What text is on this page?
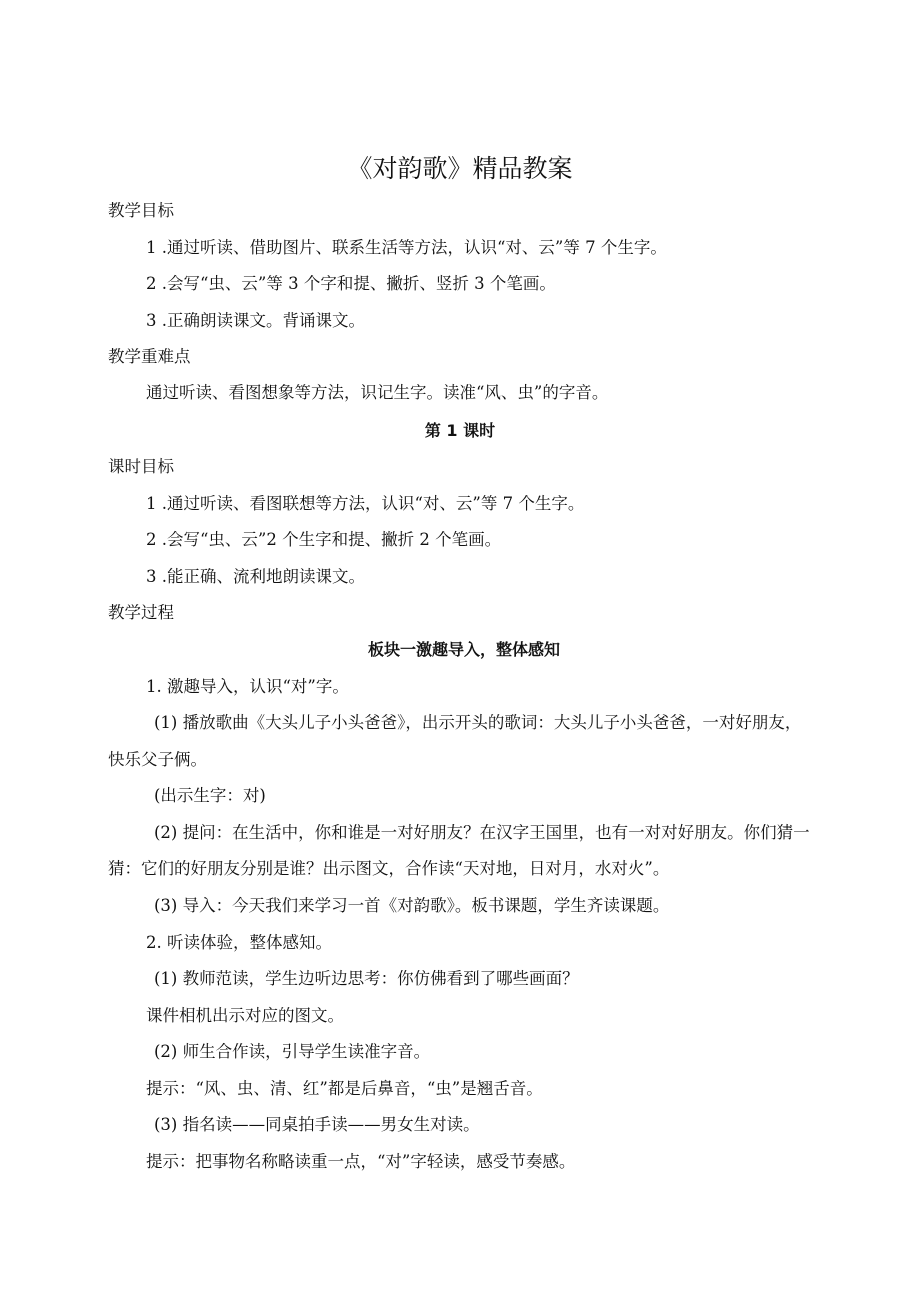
《对韵歌》精品教案
教学目标
1 .通过听读、借助图片、联系生活等方法，认识“对、云”等 7 个生字。
2 .会写“虫、云”等 3 个字和提、撇折、竖折 3 个笔画。
3 .正确朗读课文。背诵课文。
教学重难点
通过听读、看图想象等方法，识记生字。读准“风、虫”的字音。
第 1 课时
课时目标
1 .通过听读、看图联想等方法，认识“对、云”等 7 个生字。
2 .会写“虫、云”2 个生字和提、撇折 2 个笔画。
3 .能正确、流利地朗读课文。
教学过程
板块一激趣导入，整体感知
1. 激趣导入，认识“对”字。
(1) 播放歌曲《大头儿子小头爸爸》，出示开头的歌词：大头儿子小头爸爸，一对好朋友，
快乐父子俩。
(出示生字：对)
(2) 提问：在生活中，你和谁是一对好朋友？在汉字王国里，也有一对对好朋友。你们猜一
猜：它们的好朋友分别是谁？出示图文，合作读“天对地，日对月，水对火”。
(3) 导入：今天我们来学习一首《对韵歌》。板书课题，学生齐读课题。
2. 听读体验，整体感知。
(1) 教师范读，学生边听边思考：你仿佛看到了哪些画面？
课件相机出示对应的图文。
(2) 师生合作读，引导学生读准字音。
提示：“风、虫、清、红”都是后鼻音，“虫”是翘舌音。
(3) 指名读——同桌拍手读——男女生对读。
提示：把事物名称略读重一点，“对”字轻读，感受节奏感。
